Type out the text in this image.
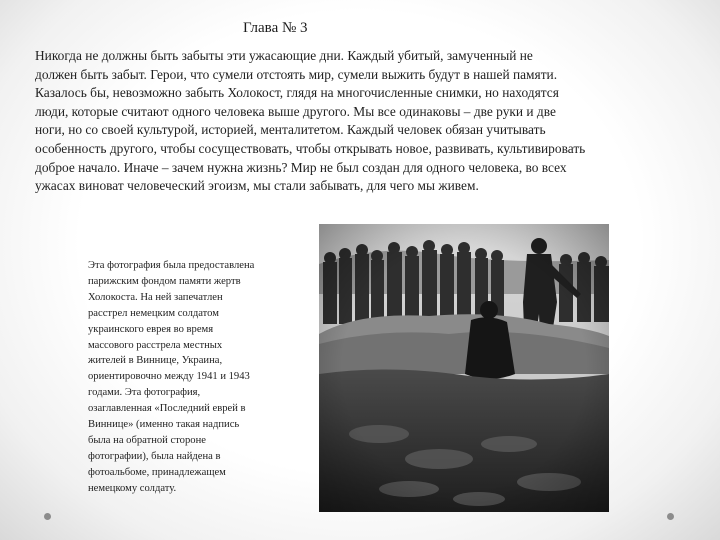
Глава № 3
Никогда не должны быть забыты эти ужасающие дни. Каждый убитый, замученный не
должен быть забыт. Герои, что сумели отстоять мир, сумели выжить будут в нашей памяти.
Казалось бы, невозможно забыть Холокост, глядя на многочисленные снимки, но находятся
люди, которые считают одного человека выше другого. Мы все одинаковы – две руки и две
ноги, но со своей культурой, историей, менталитетом. Каждый человек обязан учитывать
особенность другого, чтобы сосуществовать, чтобы открывать новое, развивать, культивировать
доброе начало. Иначе – зачем нужна жизнь? Мир не был создан для одного человека, во всех
ужасах виноват человеческий эгоизм, мы стали забывать, для чего мы живем.
Эта фотография была предоставлена
парижским фондом памяти жертв
Холокоста. На ней запечатлен
расстрел немецким солдатом
украинского еврея во время
массового расстрела местных
жителей в Виннице, Украина,
ориентировочно между 1941 и 1943
годами. Эта фотография,
озаглавленная «Последний еврей в
Виннице» (именно такая надпись
была на обратной стороне
фотографии), была найдена в
фотоальбоме, принадлежащем
немецкому солдату.
